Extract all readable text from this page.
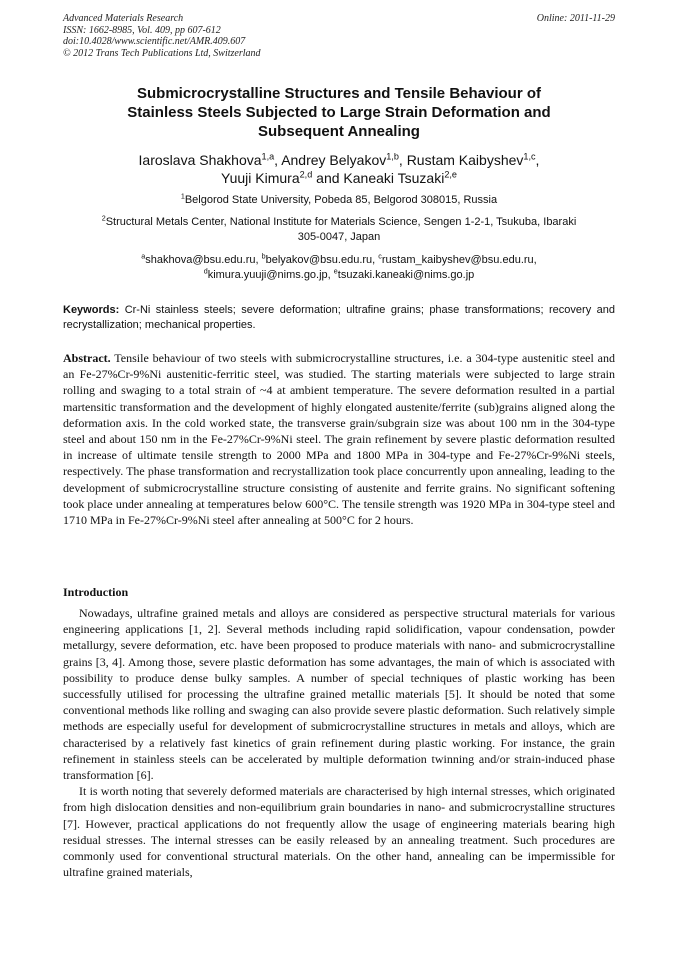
Advanced Materials Research
ISSN: 1662-8985, Vol. 409, pp 607-612
doi:10.4028/www.scientific.net/AMR.409.607
© 2012 Trans Tech Publications Ltd, Switzerland
Online: 2011-11-29
Submicrocrystalline Structures and Tensile Behaviour of
Stainless Steels Subjected to Large Strain Deformation and
Subsequent Annealing
Iaroslava Shakhova$^{1,a}$, Andrey Belyakov$^{1,b}$, Rustam Kaibyshev$^{1,c}$,
Yuuji Kimura$^{2,d}$ and Kaneaki Tsuzaki$^{2,e}$
$^1$Belgorod State University, Pobeda 85, Belgorod 308015, Russia
$^2$Structural Metals Center, National Institute for Materials Science, Sengen 1-2-1, Tsukuba, Ibaraki
305-0047, Japan
$^a$shakhova@bsu.edu.ru, $^b$belyakov@bsu.edu.ru, $^c$rustam_kaibyshev@bsu.edu.ru,
$^d$kimura.yuuji@nims.go.jp, $^e$tsuzaki.kaneaki@nims.go.jp
Keywords: Cr-Ni stainless steels; severe deformation; ultrafine grains; phase transformations; recovery and recrystallization; mechanical properties.
Abstract. Tensile behaviour of two steels with submicrocrystalline structures, i.e. a 304-type austenitic steel and an Fe-27%Cr-9%Ni austenitic-ferritic steel, was studied. The starting materials were subjected to large strain rolling and swaging to a total strain of ~4 at ambient temperature. The severe deformation resulted in a partial martensitic transformation and the development of highly elongated austenite/ferrite (sub)grains aligned along the deformation axis. In the cold worked state, the transverse grain/subgrain size was about 100 nm in the 304-type steel and about 150 nm in the Fe-27%Cr-9%Ni steel. The grain refinement by severe plastic deformation resulted in increase of ultimate tensile strength to 2000 MPa and 1800 MPa in 304-type and Fe-27%Cr-9%Ni steels, respectively. The phase transformation and recrystallization took place concurrently upon annealing, leading to the development of submicrocrystalline structure consisting of austenite and ferrite grains. No significant softening took place under annealing at temperatures below 600°C. The tensile strength was 1920 MPa in 304-type steel and 1710 MPa in Fe-27%Cr-9%Ni steel after annealing at 500°C for 2 hours.
Introduction

Nowadays, ultrafine grained metals and alloys are considered as perspective structural materials for various engineering applications [1, 2]. Several methods including rapid solidification, vapour condensation, powder metallurgy, severe deformation, etc. have been proposed to produce materials with nano- and submicrocrystalline grains [3, 4]. Among those, severe plastic deformation has some advantages, the main of which is associated with possibility to produce dense bulky samples. A number of special techniques of plastic working has been successfully utilised for processing the ultrafine grained metallic materials [5]. It should be noted that some conventional methods like rolling and swaging can also provide severe plastic deformation. Such relatively simple methods are especially useful for development of submicrocrystalline structures in metals and alloys, which are characterised by a relatively fast kinetics of grain refinement during plastic working. For instance, the grain refinement in stainless steels can be accelerated by multiple deformation twinning and/or strain-induced phase transformation [6].

It is worth noting that severely deformed materials are characterised by high internal stresses, which originated from high dislocation densities and non-equilibrium grain boundaries in nano- and submicrocrystalline structures [7]. However, practical applications do not frequently allow the usage of engineering materials bearing high residual stresses. The internal stresses can be easily released by an annealing treatment. Such procedures are commonly used for conventional structural materials. On the other hand, annealing can be impermissible for ultrafine grained materials,
